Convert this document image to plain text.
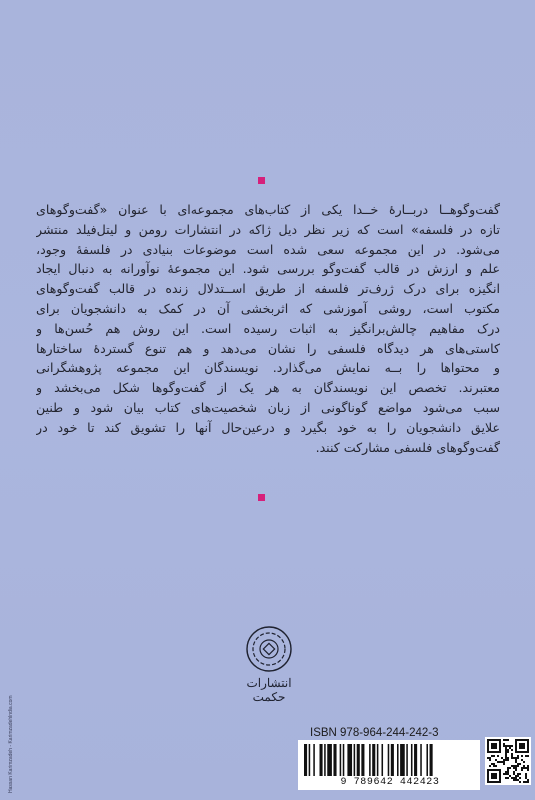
گفت‌وگوهــا دربــارهٔ خــدا یکی از کتاب‌های مجموعه‌ای با عنوان «گفت‌وگوهای
تازه در فلسفه» است که زیر نظر دیل ژاکه در انتشارات رومن و لیتل‌فیلد منتشر
می‌شود. در این مجموعه سعی شده است موضوعات بنیادی در فلسفهٔ وجود،
علم و ارزش در قالب گفت‌وگو بررسی شود. این مجموعهٔ نوآورانه به دنبال ایجاد
انگیزه برای درک ژرف‌تر فلسفه از طریق اســتدلال زنده در قالب گفت‌وگوهای
مکتوب است، روشی آموزشی که اثربخشی آن در کمک به دانشجویان برای
درک مفاهیم چالش‌برانگیز به اثبات رسیده است. این روش هم حُسن‌ها و
کاستی‌های هر دیدگاه فلسفی را نشان می‌دهد و هم تنوع گستردهٔ ساختارها
و محتواها را بــه نمایش می‌گذارد. نویسندگان این مجموعه پژوهشگرانی
معتبرند. تخصص این نویسندگان به هر یک از گفت‌وگوها شکل می‌بخشد و
سبب می‌شود مواضع گوناگونی از زبان شخصیت‌های کتاب بیان شود و طنین
علایق دانشجویان را به خود بگیرد و درعین‌حال آنها را تشویق کند تا خود در
گفت‌وگوهای فلسفی مشارکت کنند.
انتشارات حکمت
ISBN 978-964-244-242-3
9 789642 442423
Hassan Karimzadeh - Karimzadehlndia.com
